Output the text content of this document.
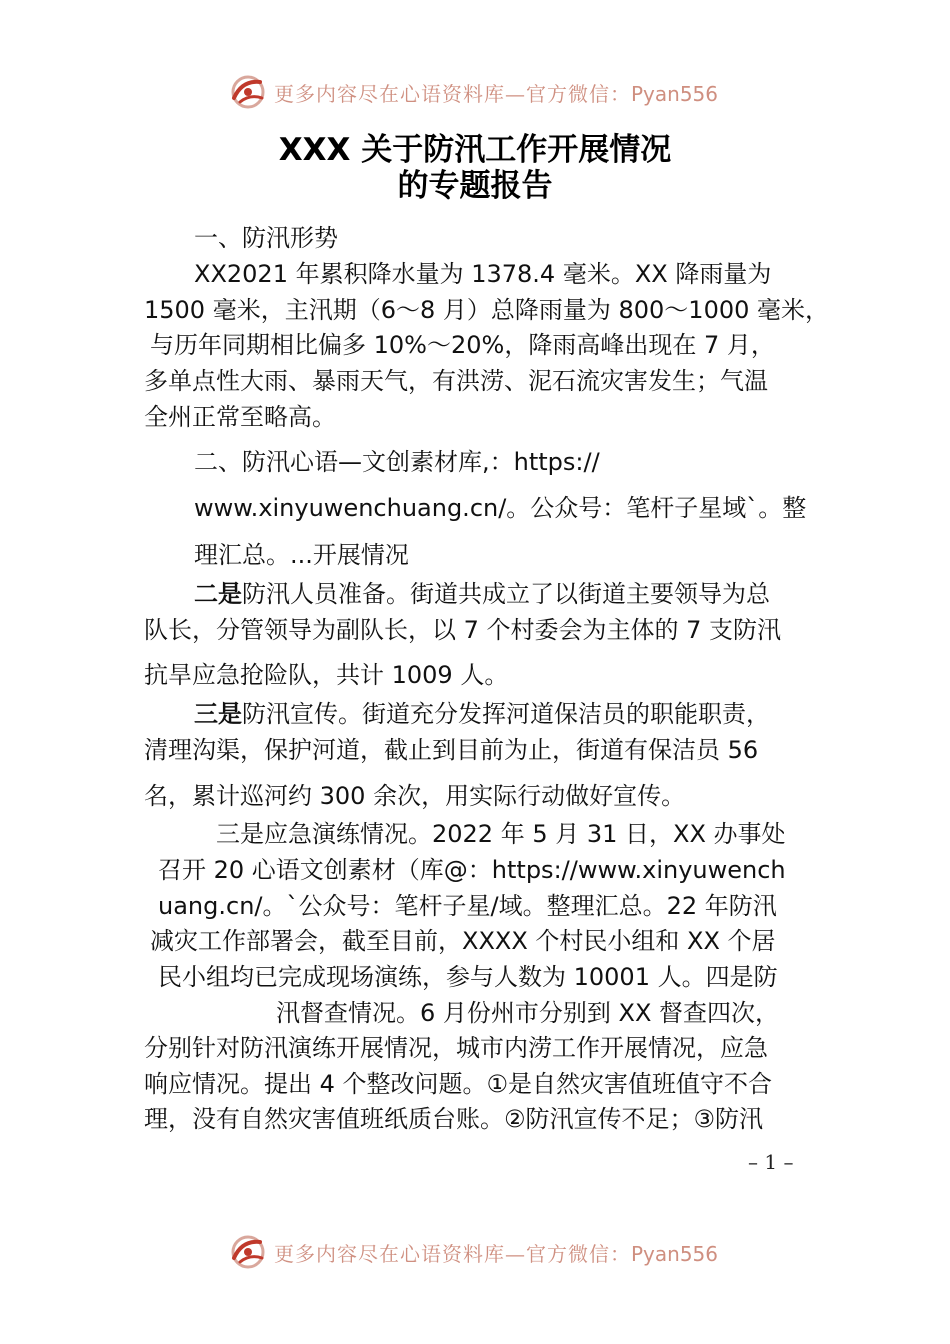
更多内容尽在心语资料库—官方微信：Pyan556
XXX 关于防汛工作开展情况
的专题报告
一、防汛形势
XX2021 年累积降水量为 1378.4 毫米。XX 降雨量为
1500 毫米，主汛期（6～8 月）总降雨量为 800～1000 毫米，
与历年同期相比偏多 10%～20%，降雨高峰出现在 7 月，
多单点性大雨、暴雨天气，有洪涝、泥石流灾害发生；气温
全州正常至略高。
二、防汛心语—文创素材库,：https://
www.xinyuwenchuang.cn/。公众号：笔杆子星域`。整
理汇总。...开展情况
二是防汛人员准备。街道共成立了以街道主要领导为总
队长，分管领导为副队长，以 7 个村委会为主体的 7 支防汛
抗旱应急抢险队，共计 1009 人。
三是防汛宣传。街道充分发挥河道保洁员的职能职责，
清理沟渠，保护河道，截止到目前为止，街道有保洁员 56
名，累计巡河约 300 余次，用实际行动做好宣传。
三是应急演练情况。2022 年 5 月 31 日，XX 办事处
召开 20 心语文创素材（库@：https://www.xinyuwench
uang.cn/。`公众号：笔杆子星/域。整理汇总。22 年防汛
减灾工作部署会，截至目前，XXXX 个村民小组和 XX 个居
民小组均已完成现场演练，参与人数为 10001 人。四是防
汛督查情况。6 月份州市分别到 XX 督查四次，
分别针对防汛演练开展情况，城市内涝工作开展情况，应急
响应情况。提出 4 个整改问题。①是自然灾害值班值守不合
理，没有自然灾害值班纸质台账。②防汛宣传不足；③防汛
– 1 –
更多内容尽在心语资料库—官方微信：Pyan556
